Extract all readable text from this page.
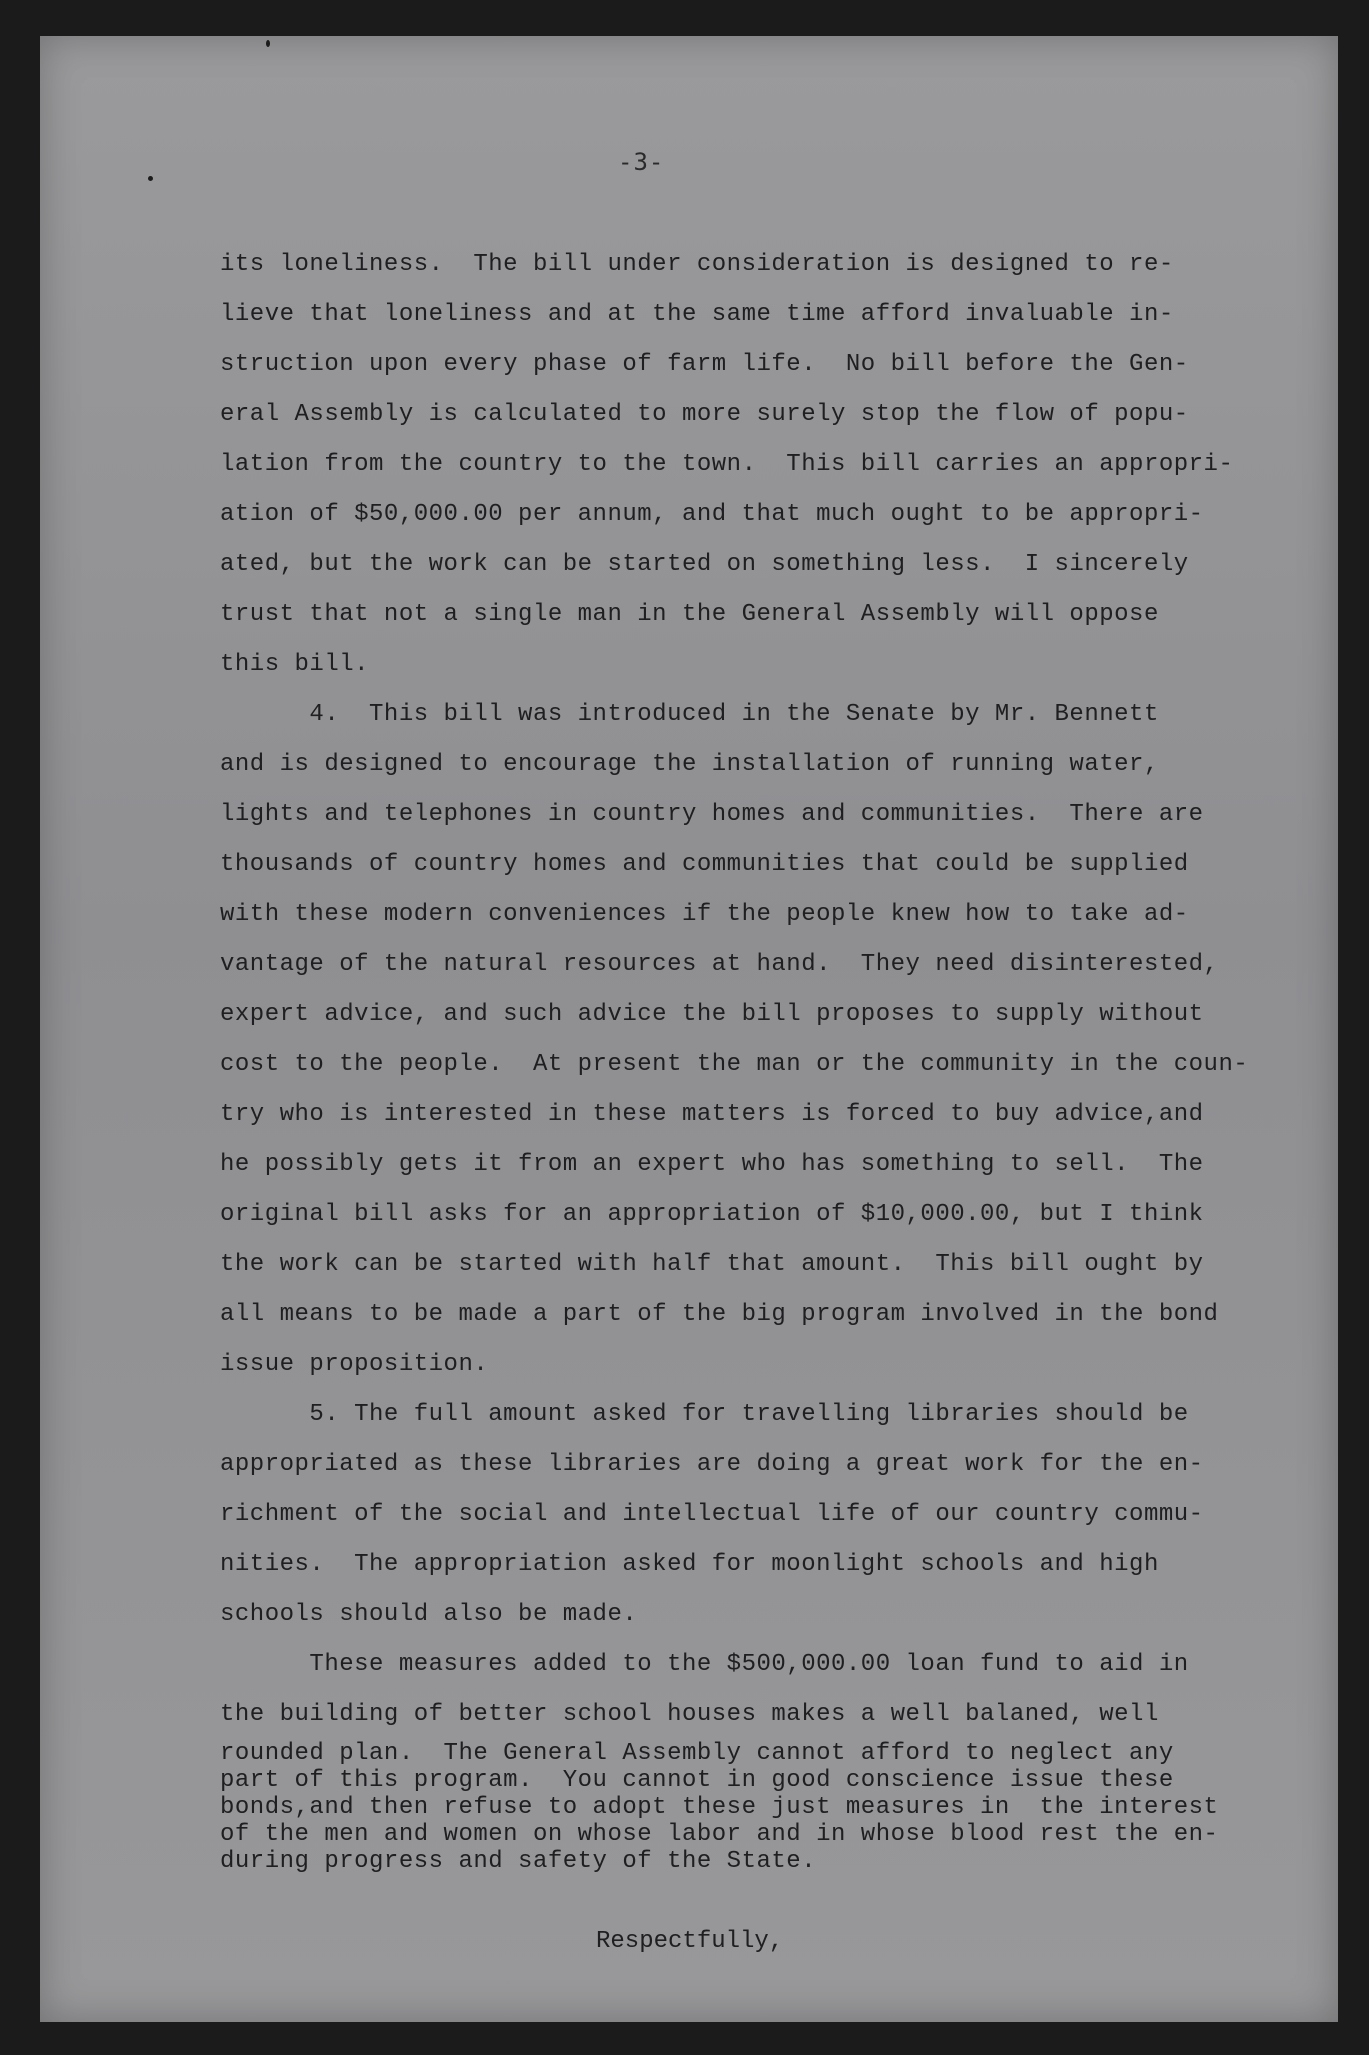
-3-

its loneliness.  The bill under consideration is designed to re-
lieve that loneliness and at the same time afford invaluable in-
struction upon every phase of farm life.  No bill before the Gen-
eral Assembly is calculated to more surely stop the flow of popu-
lation from the country to the town.  This bill carries an appropri-
ation of $50,000.00 per annum, and that much ought to be appropri-
ated, but the work can be started on something less.  I sincerely
trust that not a single man in the General Assembly will oppose
this bill.

4.  This bill was introduced in the Senate by Mr. Bennett
and is designed to encourage the installation of running water,
lights and telephones in country homes and communities.  There are
thousands of country homes and communities that could be supplied
with these modern conveniences if the people knew how to take ad-
vantage of the natural resources at hand.  They need disinterested,
expert advice, and such advice the bill proposes to supply without
cost to the people.  At present the man or the community in the coun-
try who is interested in these matters is forced to buy advice,and
he possibly gets it from an expert who has something to sell.  The
original bill asks for an appropriation of $10,000.00, but I think
the work can be started with half that amount.  This bill ought by
all means to be made a part of the big program involved in the bond
issue proposition.

5. The full amount asked for travelling libraries should be
appropriated as these libraries are doing a great work for the en-
richment of the social and intellectual life of our country commu-
nities.  The appropriation asked for moonlight schools and high
schools should also be made.

These measures added to the $500,000.00 loan fund to aid in
the building of better school houses makes a well balaned, well

rounded plan.  The General Assembly cannot afford to neglect any
part of this program.  You cannot in good conscience issue these
bonds,and then refuse to adopt these just measures in  the interest
of the men and women on whose labor and in whose blood rest the en-
during progress and safety of the State.

Respectfully,
